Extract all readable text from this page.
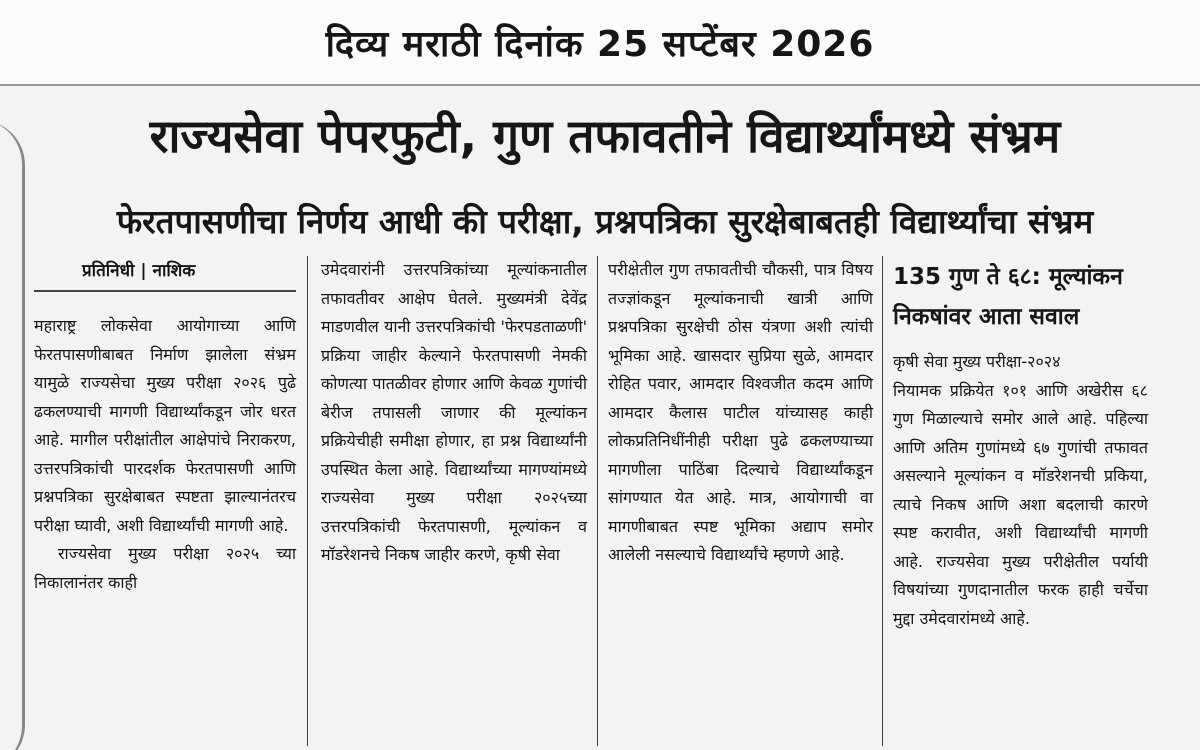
दिव्य मराठी दिनांक 25 सप्टेंबर 2026
राज्यसेवा पेपरफुटी, गुण तफावतीने विद्यार्थ्यांमध्ये संभ्रम
फेरतपासणीचा निर्णय आधी की परीक्षा, प्रश्नपत्रिका सुरक्षेबाबतही विद्यार्थ्यांचा संभ्रम
प्रतिनिधी | नाशिक

महाराष्ट्र लोकसेवा आयोगाच्या आणि फेरतपासणीबाबत निर्माण झालेला संभ्रम यामुळे राज्यसेचा मुख्य परीक्षा २०२६ पुढे ढकलण्याची मागणी विद्यार्थ्यांकडून जोर धरत आहे. मागील परीक्षांतील आक्षेपांचे निराकरण, उत्तरपत्रिकांची पारदर्शक फेरतपासणी आणि प्रश्नपत्रिका सुरक्षेबाबत स्पष्टता झाल्यानंतरच परीक्षा घ्यावी, अशी विद्यार्थ्यांची मागणी आहे.

राज्यसेवा मुख्य परीक्षा २०२५ च्या निकालानंतर काही

उमेदवारांनी उत्तरपत्रिकांच्या मूल्यांकनातील तफावतीवर आक्षेप घेतले. मुख्यमंत्री देवेंद्र माडणवील यानी उत्तरपत्रिकांची 'फेरपडताळणी' प्रक्रिया जाहीर केल्याने फेरतपासणी नेमकी कोणत्या पातळीवर होणार आणि केवळ गुणांची बेरीज तपासली जाणार की मूल्यांकन प्रक्रियेचीही समीक्षा होणार, हा प्रश्न विद्यार्थ्यांनी उपस्थित केला आहे. विद्यार्थ्यांच्या मागण्यांमध्ये राज्यसेवा मुख्य परीक्षा २०२५च्या उत्तरपत्रिकांची फेरतपासणी, मूल्यांकन व मॉडरेशनचे निकष जाहीर करणे, कृषी सेवा

परीक्षेतील गुण तफावतीची चौकसी, पात्र विषय तज्ज्ञांकडून मूल्यांकनाची खात्री आणि प्रश्नपत्रिका सुरक्षेची ठोस यंत्रणा अशी त्यांची भूमिका आहे. खासदार सुप्रिया सुळे, आमदार रोहित पवार, आमदार विश्वजीत कदम आणि आमदार कैलास पाटील यांच्यासह काही लोकप्रतिनिधींनीही परीक्षा पुढे ढकलण्याच्या मागणीला पाठिंबा दिल्याचे विद्यार्थ्यांकडून सांगण्यात येत आहे. मात्र, आयोगाची वा मागणीबाबत स्पष्ट भूमिका अद्याप समोर आलेली नसल्याचे विद्यार्थ्यांचे म्हणणे आहे.

135 गुण ते ६८: मूल्यांकन निकषांवर आता सवाल

कृषी सेवा मुख्य परीक्षा-२०२४

नियामक प्रक्रियेत १०१ आणि अखेरीस ६८ गुण मिळाल्याचे समोर आले आहे. पहिल्या आणि अतिम गुणांमध्ये ६७ गुणांची तफावत असल्याने मूल्यांकन व मॉडरेशनची प्रकिया, त्याचे निकष आणि अशा बदलाची कारणे स्पष्ट करावीत, अशी विद्यार्थ्यांची मागणी आहे. राज्यसेवा मुख्य परीक्षेतील पर्यायी विषयांच्या गुणदानातील फरक हाही चर्चेचा मुद्दा उमेदवारांमध्ये आहे.
